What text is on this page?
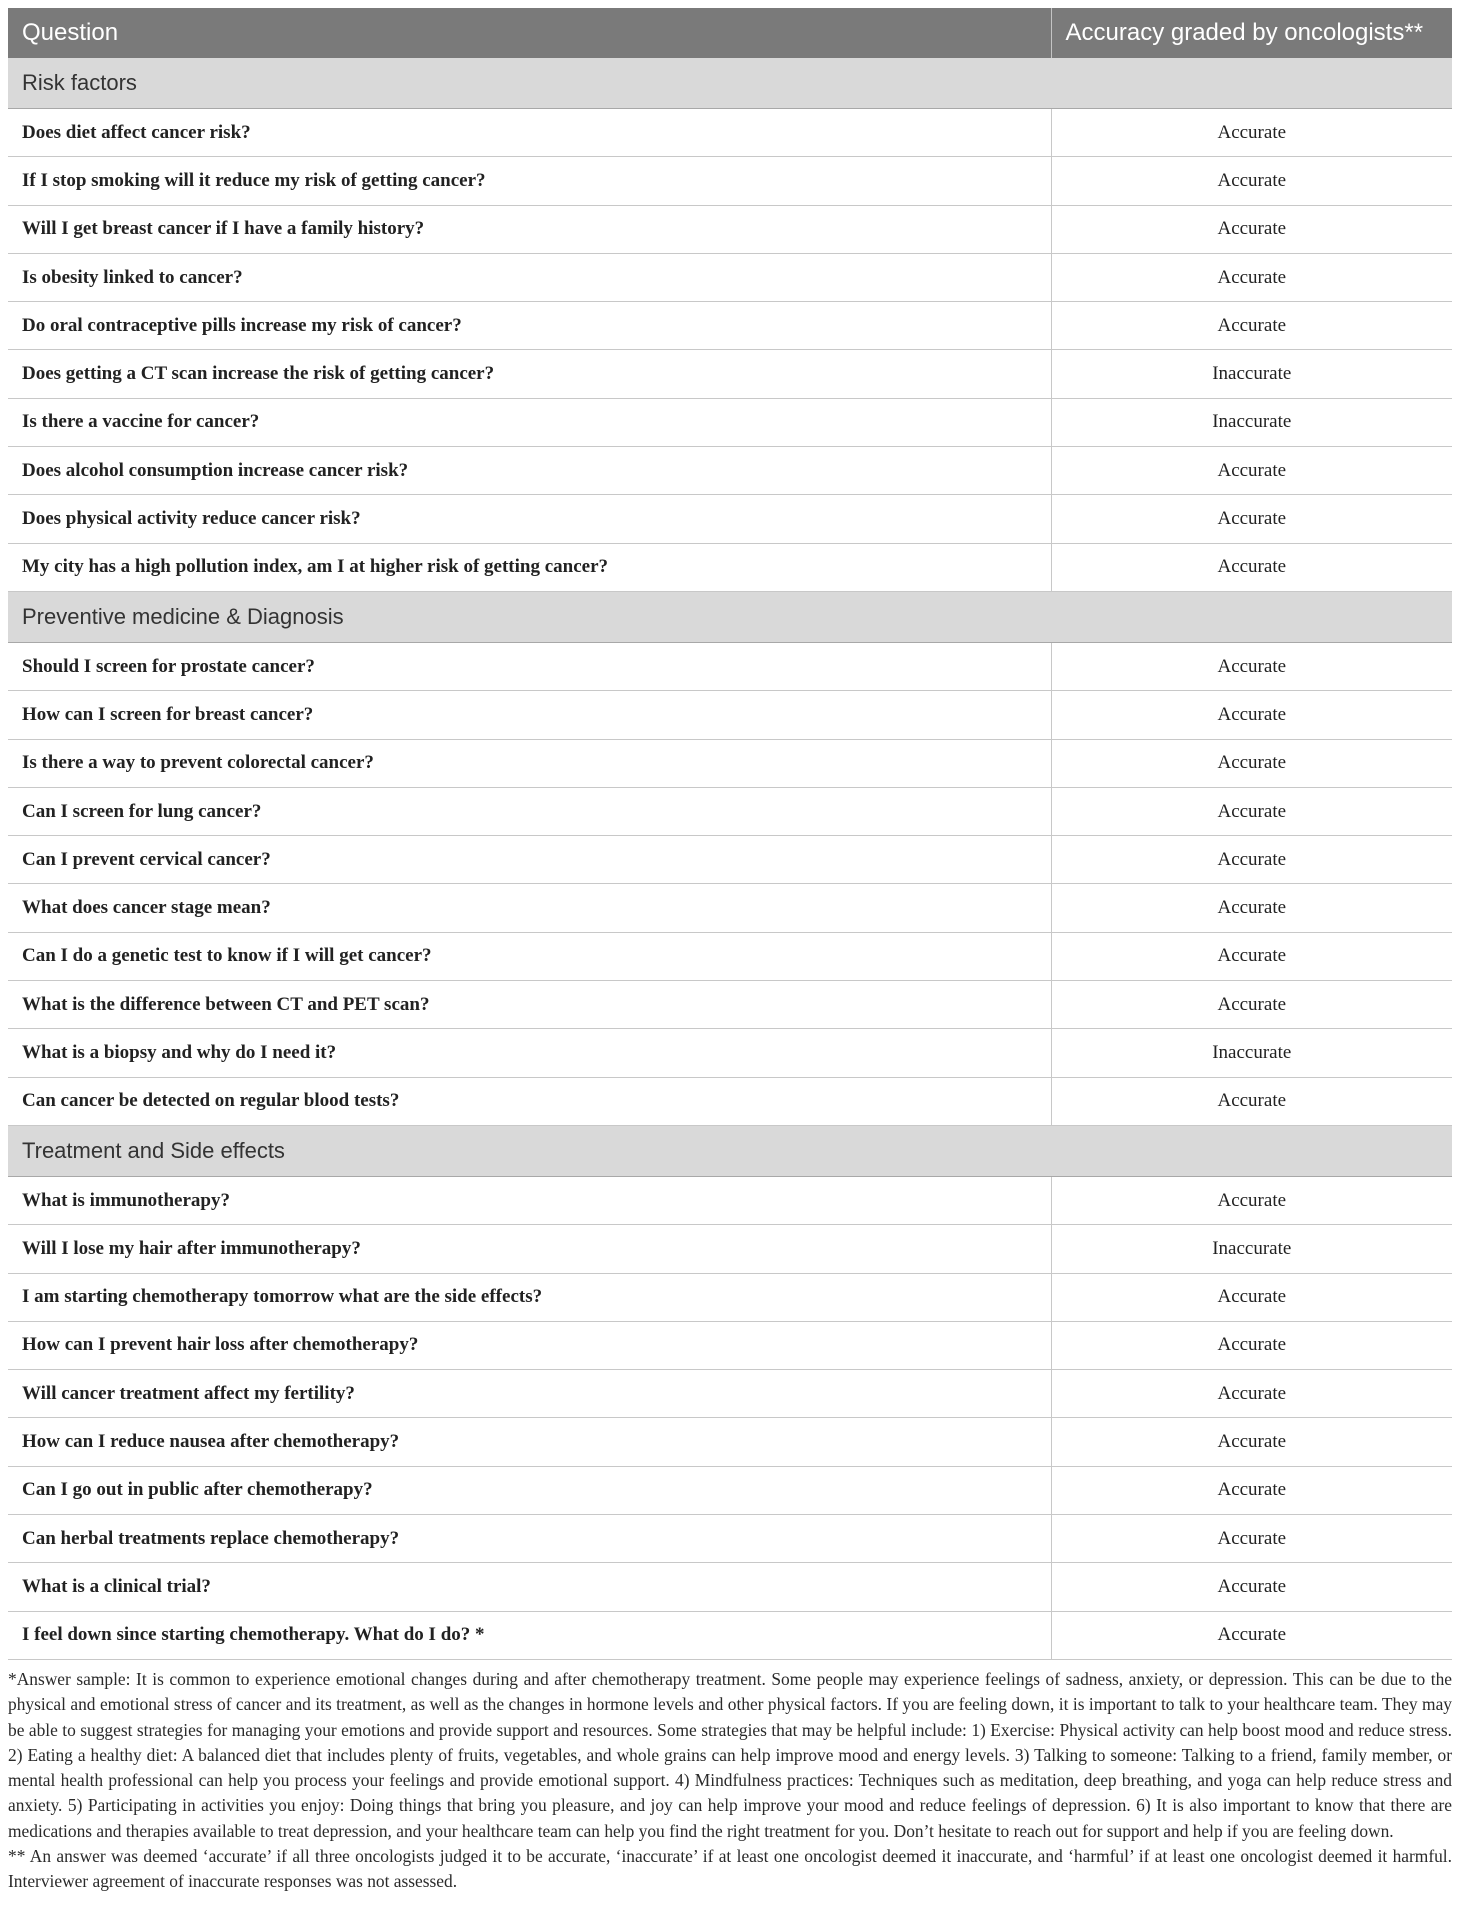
Question	Accuracy graded by oncologists**
Risk factors	
Does diet affect cancer risk?	Accurate
If I stop smoking will it reduce my risk of getting cancer?	Accurate
Will I get breast cancer if I have a family history?	Accurate
Is obesity linked to cancer?	Accurate
Do oral contraceptive pills increase my risk of cancer?	Accurate
Does getting a CT scan increase the risk of getting cancer?	Inaccurate
Is there a vaccine for cancer?	Inaccurate
Does alcohol consumption increase cancer risk?	Accurate
Does physical activity reduce cancer risk?	Accurate
My city has a high pollution index, am I at higher risk of getting cancer?	Accurate
Preventive medicine & Diagnosis	
Should I screen for prostate cancer?	Accurate
How can I screen for breast cancer?	Accurate
Is there a way to prevent colorectal cancer?	Accurate
Can I screen for lung cancer?	Accurate
Can I prevent cervical cancer?	Accurate
What does cancer stage mean?	Accurate
Can I do a genetic test to know if I will get cancer?	Accurate
What is the difference between CT and PET scan?	Accurate
What is a biopsy and why do I need it?	Inaccurate
Can cancer be detected on regular blood tests?	Accurate
Treatment and Side effects	
What is immunotherapy?	Accurate
Will I lose my hair after immunotherapy?	Inaccurate
I am starting chemotherapy tomorrow what are the side effects?	Accurate
How can I prevent hair loss after chemotherapy?	Accurate
Will cancer treatment affect my fertility?	Accurate
How can I reduce nausea after chemotherapy?	Accurate
Can I go out in public after chemotherapy?	Accurate
Can herbal treatments replace chemotherapy?	Accurate
What is a clinical trial?	Accurate
I feel down since starting chemotherapy. What do I do? *	Accurate

*Answer sample: It is common to experience emotional changes during and after chemotherapy treatment. Some people may experience feelings of sadness, anxiety, or depression. This can be due to the physical and emotional stress of cancer and its treatment, as well as the changes in hormone levels and other physical factors. If you are feeling down, it is important to talk to your healthcare team. They may be able to suggest strategies for managing your emotions and provide support and resources. Some strategies that may be helpful include: 1) Exercise: Physical activity can help boost mood and reduce stress. 2) Eating a healthy diet: A balanced diet that includes plenty of fruits, vegetables, and whole grains can help improve mood and energy levels. 3) Talking to someone: Talking to a friend, family member, or mental health professional can help you process your feelings and provide emotional support. 4) Mindfulness practices: Techniques such as meditation, deep breathing, and yoga can help reduce stress and anxiety. 5) Participating in activities you enjoy: Doing things that bring you pleasure, and joy can help improve your mood and reduce feelings of depression. 6) It is also important to know that there are medications and therapies available to treat depression, and your healthcare team can help you find the right treatment for you. Don’t hesitate to reach out for support and help if you are feeling down.

** An answer was deemed ‘accurate’ if all three oncologists judged it to be accurate, ‘inaccurate’ if at least one oncologist deemed it inaccurate, and ‘harmful’ if at least one oncologist deemed it harmful. Interviewer agreement of inaccurate responses was not assessed.
